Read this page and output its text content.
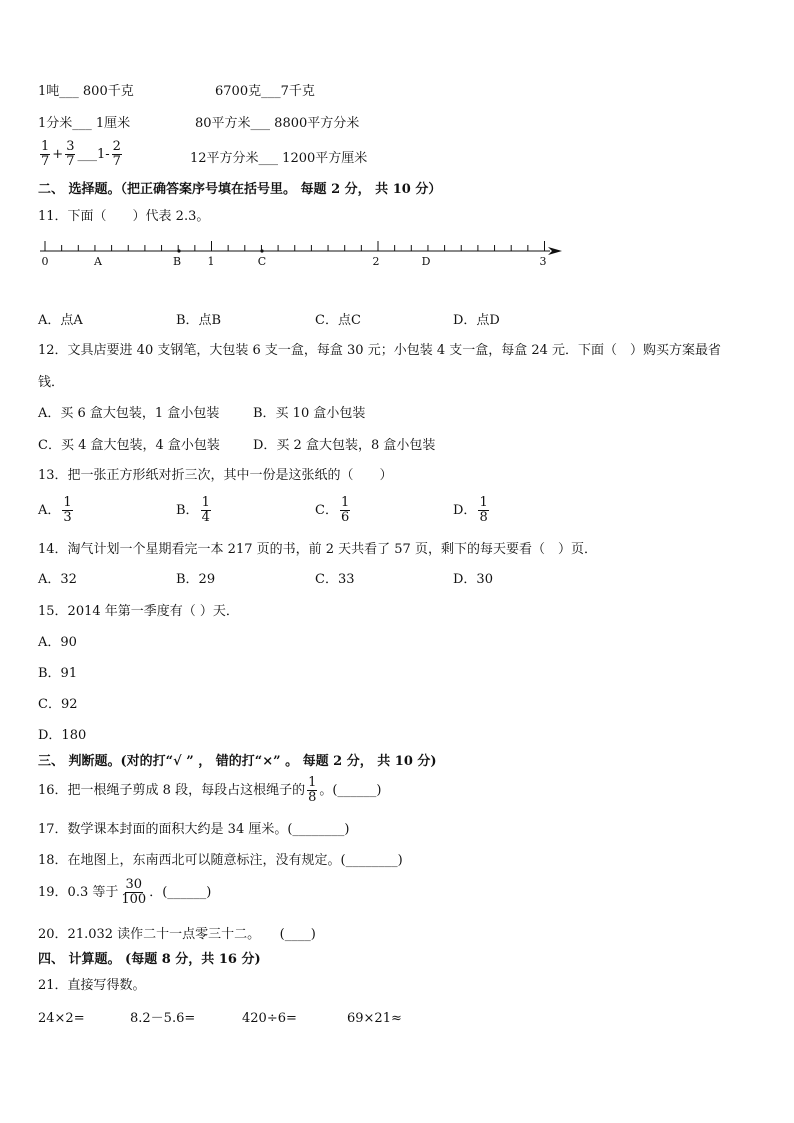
1吨___ 800千克	6700克___7千克
1分米___ 1厘米	80平方米___ 8800平方分米
$\frac{1}{7} + \frac{3}{7}$ ___1- $\frac{2}{7}$	12平方分米___ 1200平方厘米
二、 选择题。（把正确答案序号填在括号里。 每题 2 分， 共 10 分）
11．下面（　　）代表 2.3。
0	A	B 1	C	2	D	3
A．点A	B．点B	C．点C	D．点D
12．文具店要进 40 支钢笔，大包装 6 支一盒，每盒 30 元；小包装 4 支一盒，每盒 24 元．下面（　）购买方案最省
钱．
A．买 6 盒大包装，1 盒小包装	B．买 10 盒小包装
C．买 4 盒大包装，4 盒小包装	D．买 2 盒大包装，8 盒小包装
13．把一张正方形纸对折三次，其中一份是这张纸的（　　）
A． $\frac{1}{3}$	B． $\frac{1}{4}$	C． $\frac{1}{6}$	D． $\frac{1}{8}$
14．淘气计划一个星期看完一本 217 页的书，前 2 天共看了 57 页，剩下的每天要看（　）页．
A．32	B．29	C．33	D．30
15．2014 年第一季度有（ ）天．
A．90
B．91
C．92
D．180
三、 判断题。(对的打“√ ” ， 错的打“×” 。 每题 2 分， 共 10 分)
16．把一根绳子剪成 8 段，每段占这根绳子的 $\frac{1}{8}$ 。(______)
17．数学课本封面的面积大约是 34 厘米。(________)
18．在地图上，东南西北可以随意标注，没有规定。(________)
19．0.3 等于 $\frac{30}{100}$ ．(______)
20．21.032 读作二十一点零三十二。　　(____)
四、 计算题。 (每题 8 分，共 16 分)
21．直接写得数。
24×2=	8.2－5.6=	420÷6=	69×21≈
